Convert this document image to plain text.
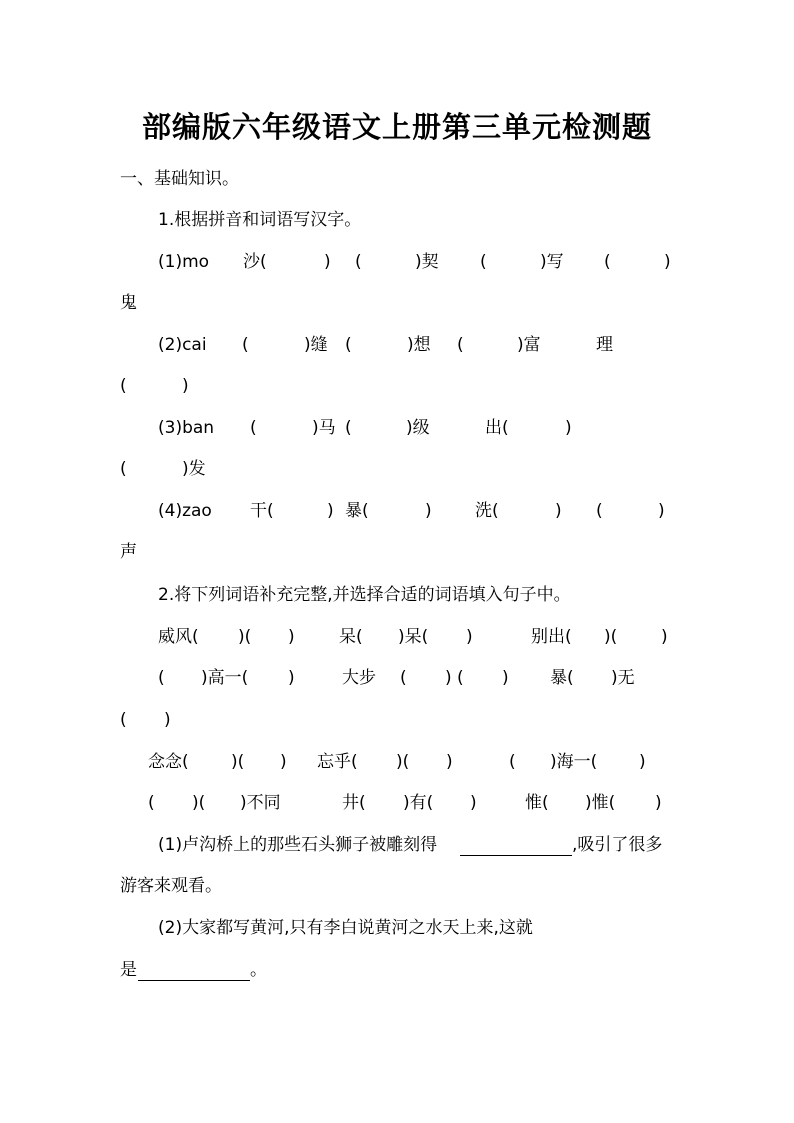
部编版六年级语文上册第三单元检测题
一、基础知识。
1.根据拼音和词语写汉字。
(1)mo 沙(	) (	)契 (	)写 (	)
鬼
(2)cai (	)缝 (	)想 (	)富	理
(	)
(3)ban (	)马 (	)级	出(	)
(	)发
(4)zao 干(	) 暴(	)	洗(	) (	)
声
2.将下列词语补充完整,并选择合适的词语填入句子中。
威风( )( )	呆( )呆( )	别出( )(	)
( )高一( )	大步 ( ) ( ) 暴( )无
( )
念念( )( ) 忘乎( )( )	( )海一( )
( )( )不同	井( )有( )	惟( )惟( )
(1)卢沟桥上的那些石头狮子被雕刻得	,吸引了很多
游客来观看。
(2)大家都写黄河,只有李白说黄河之水天上来,这就
是	。
